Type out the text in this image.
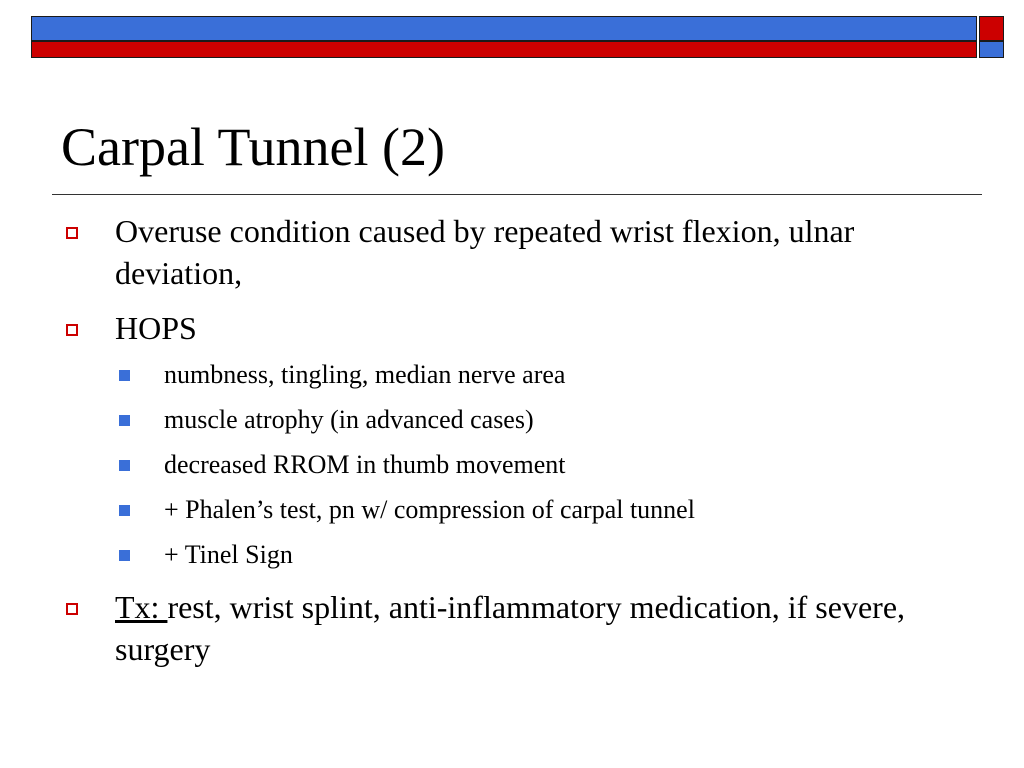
Carpal Tunnel (2)
Overuse condition caused by repeated wrist flexion, ulnar deviation,
HOPS
numbness, tingling, median nerve area
muscle atrophy (in advanced cases)
decreased RROM in thumb movement
+ Phalen’s test, pn w/ compression of carpal tunnel
+ Tinel Sign
Tx: rest, wrist splint, anti-inflammatory medication, if severe, surgery
